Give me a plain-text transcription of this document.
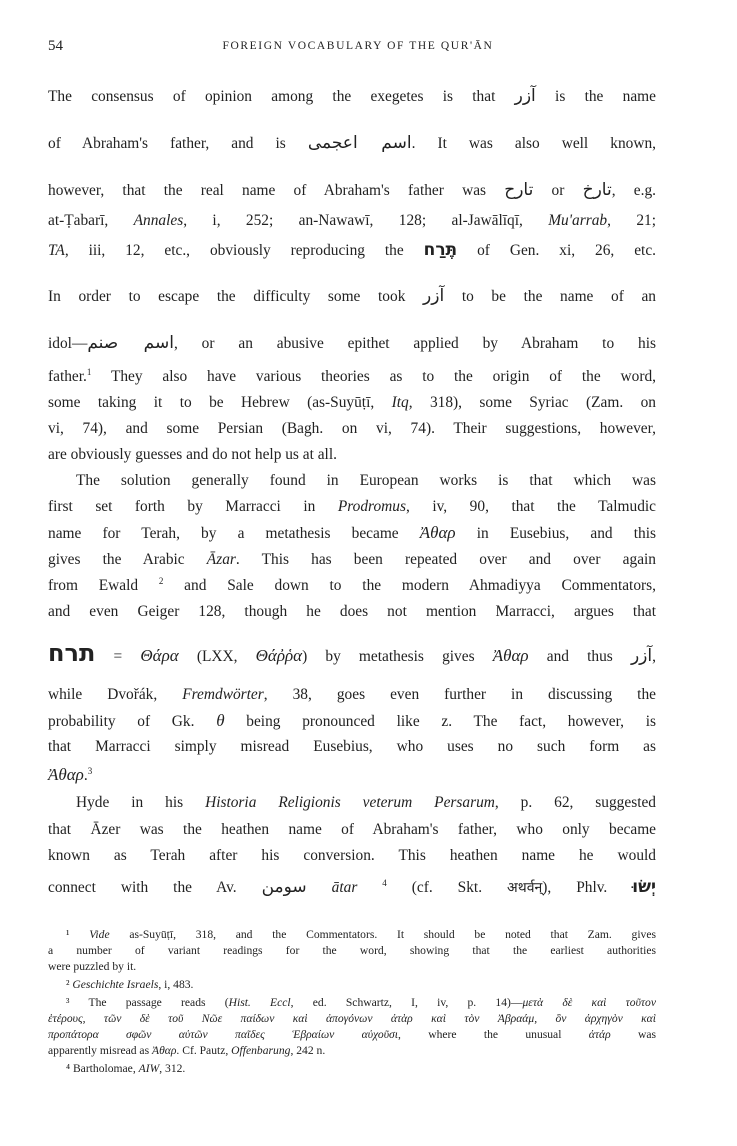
54	FOREIGN VOCABULARY OF THE QUR'ĀN
The consensus of opinion among the exegetes is that آزر is the name
of Abraham's father, and is اسم اعجمى. It was also well known,
however, that the real name of Abraham's father was تارح or تارخ, e.g.
at-Ṭabarī, Annales, i, 252; an-Nawawī, 128; al-Jawālīqī, Mu'arrab, 21;
TA, iii, 12, etc., obviously reproducing the תֶּרַח of Gen. xi, 26, etc.
In order to escape the difficulty some took آزر to be the name of an
idol—اسم صنم, or an abusive epithet applied by Abraham to his
father.$^1$ They also have various theories as to the origin of the word,
some taking it to be Hebrew (as-Suyūṭī, Itq, 318), some Syriac (Zam. on
vi, 74), and some Persian (Bagh. on vi, 74). Their suggestions, however,
are obviously guesses and do not help us at all.
The solution generally found in European works is that which was
first set forth by Marracci in Prodromus, iv, 90, that the Talmudic
name for Terah, by a metathesis became Ἀθαρ in Eusebius, and this
gives the Arabic Āzar. This has been repeated over and over again
from Ewald $^2$ and Sale down to the modern Ahmadiyya Commentators,
and even Geiger 128, though he does not mention Marracci, argues that
תרח = Θάρα (LXX, Θάῤῥα) by metathesis gives Ἀθαρ and thus آزر,
while Dvořák, Fremdwörter, 38, goes even further in discussing the
probability of Gk. θ being pronounced like z. The fact, however, is
that Marracci simply misread Eusebius, who uses no such form as
Ἀθαρ.$^3$
Hyde in his Historia Religionis veterum Persarum, p. 62, suggested
that Āzer was the heathen name of Abraham's father, who only became
known as Terah after his conversion. This heathen name he would
connect with the Av. سومن ātar	$^4$ (cf. Skt. अथर्वन्), Phlv. יְשׂוּ
¹ Vide as-Suyūṭī, 318, and the Commentators. It should be noted that Zam. gives
a number of variant readings for the word, showing that the earliest authorities
were puzzled by it.
² Geschichte Israels, i, 483.
³ The passage reads (Hist. Eccl, ed. Schwartz, I, iv, p. 14)—μετὰ δὲ καὶ τοῦτον
ἑτέρους, τῶν δὲ τοῦ Νῶε παίδων καὶ ἀπογόνων ἀτὰρ καὶ τὸν Ἀβραάμ, ὃν ἀρχηγὸν καὶ
προπάτορα σφῶν αὐτῶν παῖδες Ἑβραίων αὐχοῦσι, where the unusual ἀτάρ was
apparently misread as Ἀθαρ. Cf. Pautz, Offenbarung, 242 n.
⁴ Bartholomae, AIW, 312.
